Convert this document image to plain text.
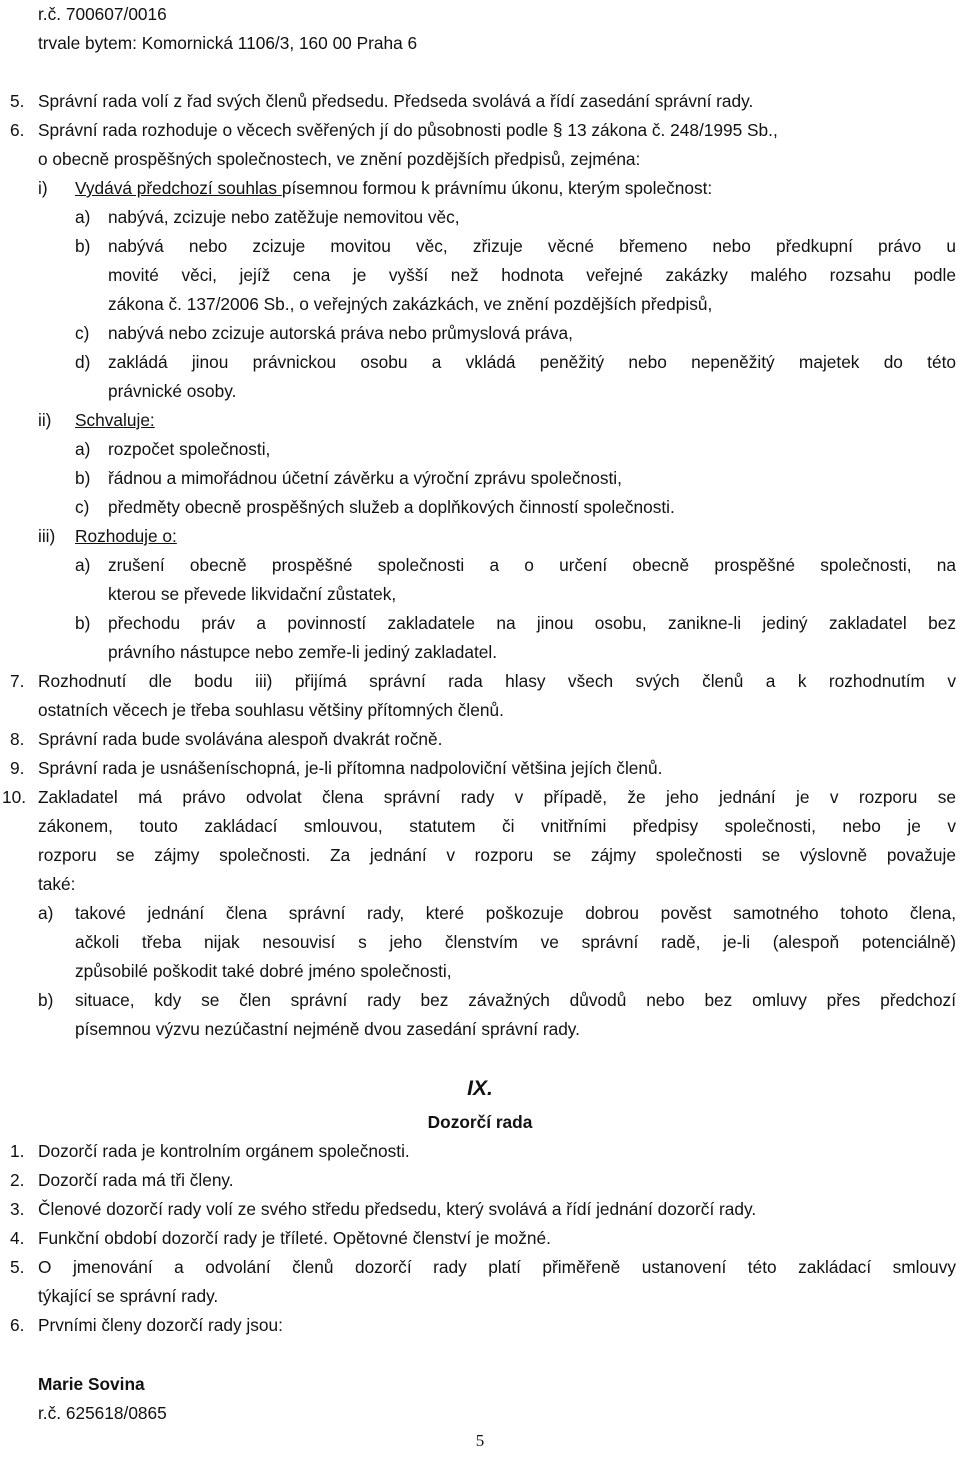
r.č. 700607/0016
trvale bytem: Komornická 1106/3, 160 00 Praha 6
5. Správní rada volí z řad svých členů předsedu. Předseda svolává a řídí zasedání správní rady.
6. Správní rada rozhoduje o věcech svěřených jí do působnosti podle § 13 zákona č. 248/1995 Sb.,
o obecně prospěšných společnostech, ve znění pozdějších předpisů, zejména:
i) Vydává předchozí souhlas písemnou formou k právnímu úkonu, kterým společnost:
a) nabývá, zcizuje nebo zatěžuje nemovitou věc,
b) nabývá nebo zcizuje movitou věc, zřizuje věcné břemeno nebo předkupní právo u
movité věci, jejíž cena je vyšší než hodnota veřejné zakázky malého rozsahu podle
zákona č. 137/2006 Sb., o veřejných zakázkách, ve znění pozdějších předpisů,
c) nabývá nebo zcizuje autorská práva nebo průmyslová práva,
d) zakládá jinou právnickou osobu a vkládá peněžitý nebo nepeněžitý majetek do této
právnické osoby.
ii) Schvaluje:
a) rozpočet společnosti,
b) řádnou a mimořádnou účetní závěrku a výroční zprávu společnosti,
c) předměty obecně prospěšných služeb a doplňkových činností společnosti.
iii) Rozhoduje o:
a) zrušení obecně prospěšné společnosti a o určení obecně prospěšné společnosti, na
kterou se převede likvidační zůstatek,
b) přechodu práv a povinností zakladatele na jinou osobu, zanikne-li jediný zakladatel bez
právního nástupce nebo zemře-li jediný zakladatel.
7. Rozhodnutí dle bodu iii) přijímá správní rada hlasy všech svých členů a k rozhodnutím v
ostatních věcech je třeba souhlasu většiny přítomných členů.
8. Správní rada bude svolávána alespoň dvakrát ročně.
9. Správní rada je usnášeníschopná, je-li přítomna nadpoloviční většina jejích členů.
10. Zakladatel má právo odvolat člena správní rady v případě, že jeho jednání je v rozporu se
zákonem, touto zakládací smlouvou, statutem či vnitřními předpisy společnosti, nebo je v
rozporu se zájmy společnosti. Za jednání v rozporu se zájmy společnosti se výslovně považuje
také:
a) takové jednání člena správní rady, které poškozuje dobrou pověst samotného tohoto člena,
ačkoli třeba nijak nesouvisí s jeho členstvím ve správní radě, je-li (alespoň potenciálně)
způsobilé poškodit také dobré jméno společnosti,
b) situace, kdy se člen správní rady bez závažných důvodů nebo bez omluvy přes předchozí
písemnou výzvu nezúčastní nejméně dvou zasedání správní rady.
IX.
Dozorčí rada
1. Dozorčí rada je kontrolním orgánem společnosti.
2. Dozorčí rada má tři členy.
3. Členové dozorčí rady volí ze svého středu předsedu, který svolává a řídí jednání dozorčí rady.
4. Funkční období dozorčí rady je tříleté. Opětovné členství je možné.
5. O jmenování a odvolání členů dozorčí rady platí přiměřeně ustanovení této zakládací smlouvy
týkající se správní rady.
6. Prvními členy dozorčí rady jsou:
Marie Sovina
r.č. 625618/0865
5
